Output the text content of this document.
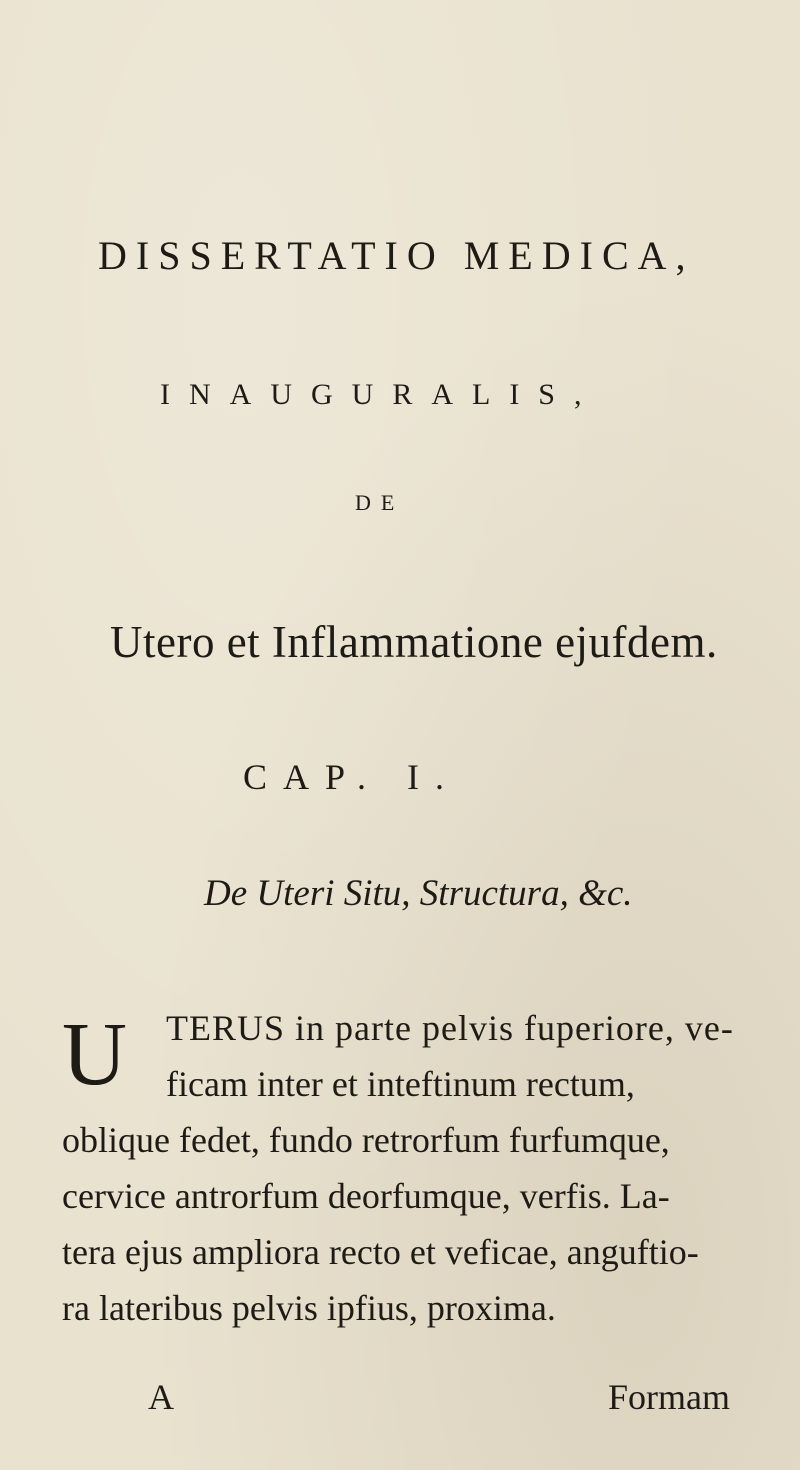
DISSERTATIO MEDICA,
INAUGURALIS,
DE
Utero et Inflammatione ejufdem.
CAP. I.
De Uteri Situ, Structura, &c.
U	TERUS in parte pelvis fuperiore, ve-
ficam inter et inteftinum rectum,
oblique fedet, fundo retrorfum furfumque,
cervice antrorfum deorfumque, verfis. La-
tera ejus ampliora recto et veficae, anguftio-
ra lateribus pelvis ipfius, proxima.
A	Formam
